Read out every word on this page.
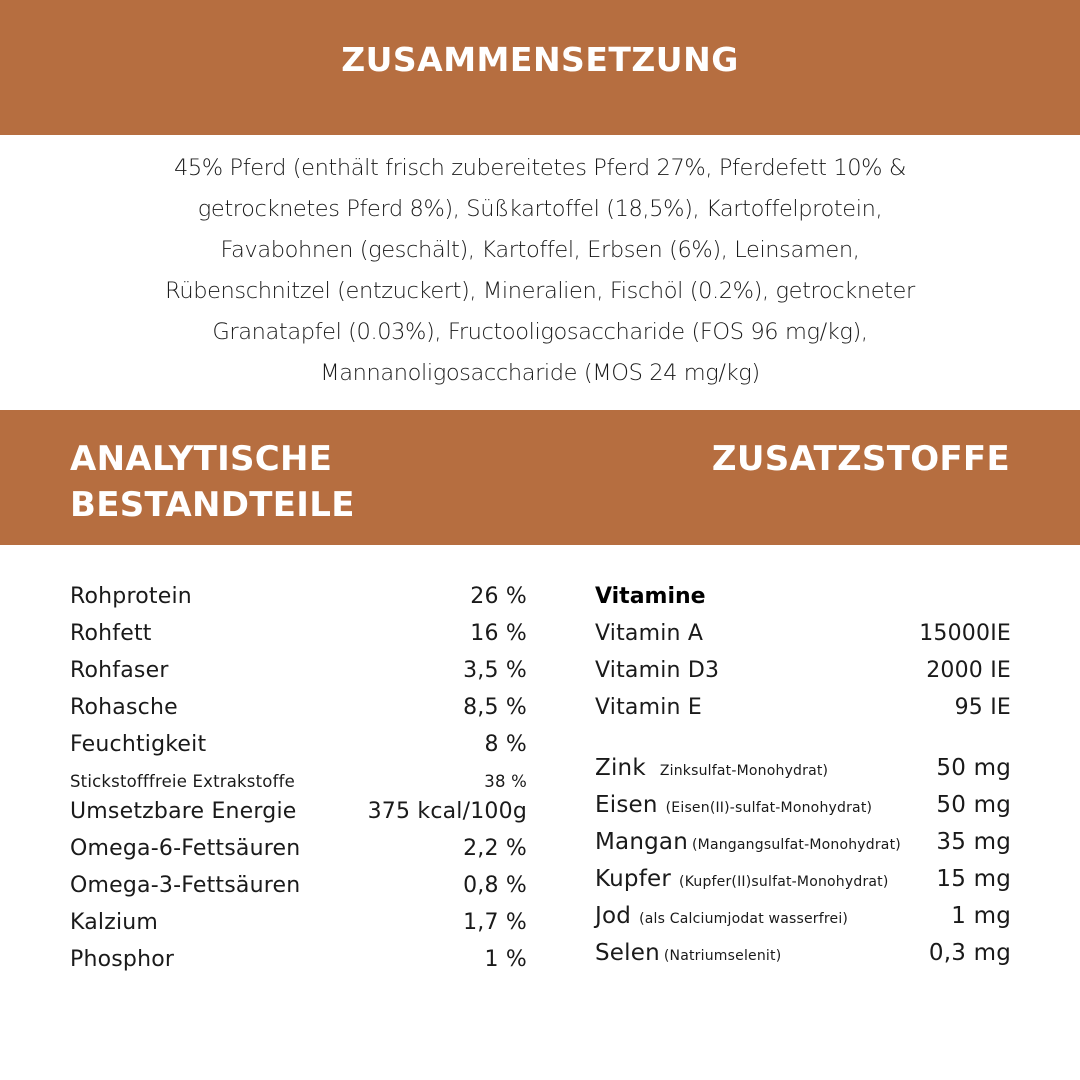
ZUSAMMENSETZUNG
45% Pferd (enthält frisch zubereitetes Pferd 27%, Pferdefett 10% &
getrocknetes Pferd 8%), Süßkartoffel (18,5%), Kartoffelprotein,
Favabohnen (geschält), Kartoffel, Erbsen (6%), Leinsamen,
Rübenschnitzel (entzuckert), Mineralien, Fischöl (0.2%), getrockneter
Granatapfel (0.03%), Fructooligosaccharide (FOS 96 mg/kg),
Mannanoligosaccharide (MOS 24 mg/kg)
ANALYTISCHE
BESTANDTEILE
ZUSATZSTOFFE
Rohprotein	26 %
Rohfett	16 %
Rohfaser	3,5 %
Rohasche	8,5 %
Feuchtigkeit	8 %
Stickstofffreie Extrakstoffe	38 %
Umsetzbare Energie	375 kcal/100g
Omega-6-Fettsäuren	2,2 %
Omega-3-Fettsäuren	0,8 %
Kalzium	1,7 %
Phosphor	1 %
Vitamine
Vitamin A	15000IE
Vitamin D3	2000 IE
Vitamin E	95 IE
Zink Zinksulfat-Monohydrat)	50 mg
Eisen (Eisen(II)-sulfat-Monohydrat)	50 mg
Mangan (Mangangsulfat-Monohydrat) 35 mg
Kupfer (Kupfer(II)sulfat-Monohydrat) 15 mg
Jod (als Calciumjodat wasserfrei)	1 mg
Selen (Natriumselenit)	0,3 mg
